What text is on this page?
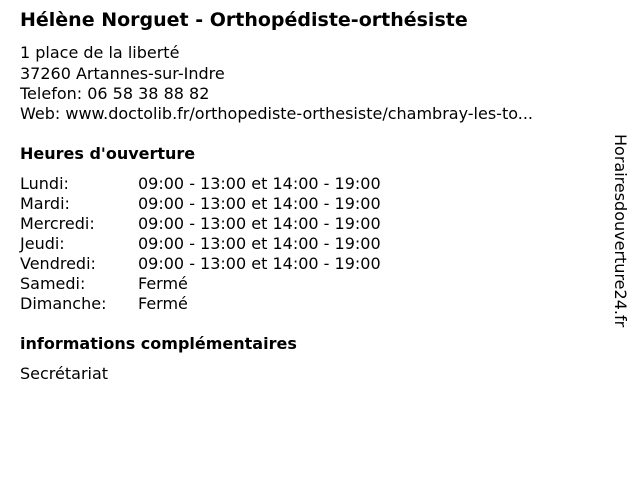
Hélène Norguet - Orthopédiste-orthésiste
1 place de la liberté
37260 Artannes-sur-Indre
Telefon: 06 58 38 88 82
Web: www.doctolib.fr/orthopediste-orthesiste/chambray-les-to...
Heures d'ouverture
Lundi:	09:00 - 13:00 et 14:00 - 19:00
Mardi:	09:00 - 13:00 et 14:00 - 19:00
Mercredi:	09:00 - 13:00 et 14:00 - 19:00
Jeudi:	09:00 - 13:00 et 14:00 - 19:00
Vendredi:	09:00 - 13:00 et 14:00 - 19:00
Samedi:	Fermé
Dimanche: Fermé
informations complémentaires
Secrétariat
Horairesdouverture24.fr
